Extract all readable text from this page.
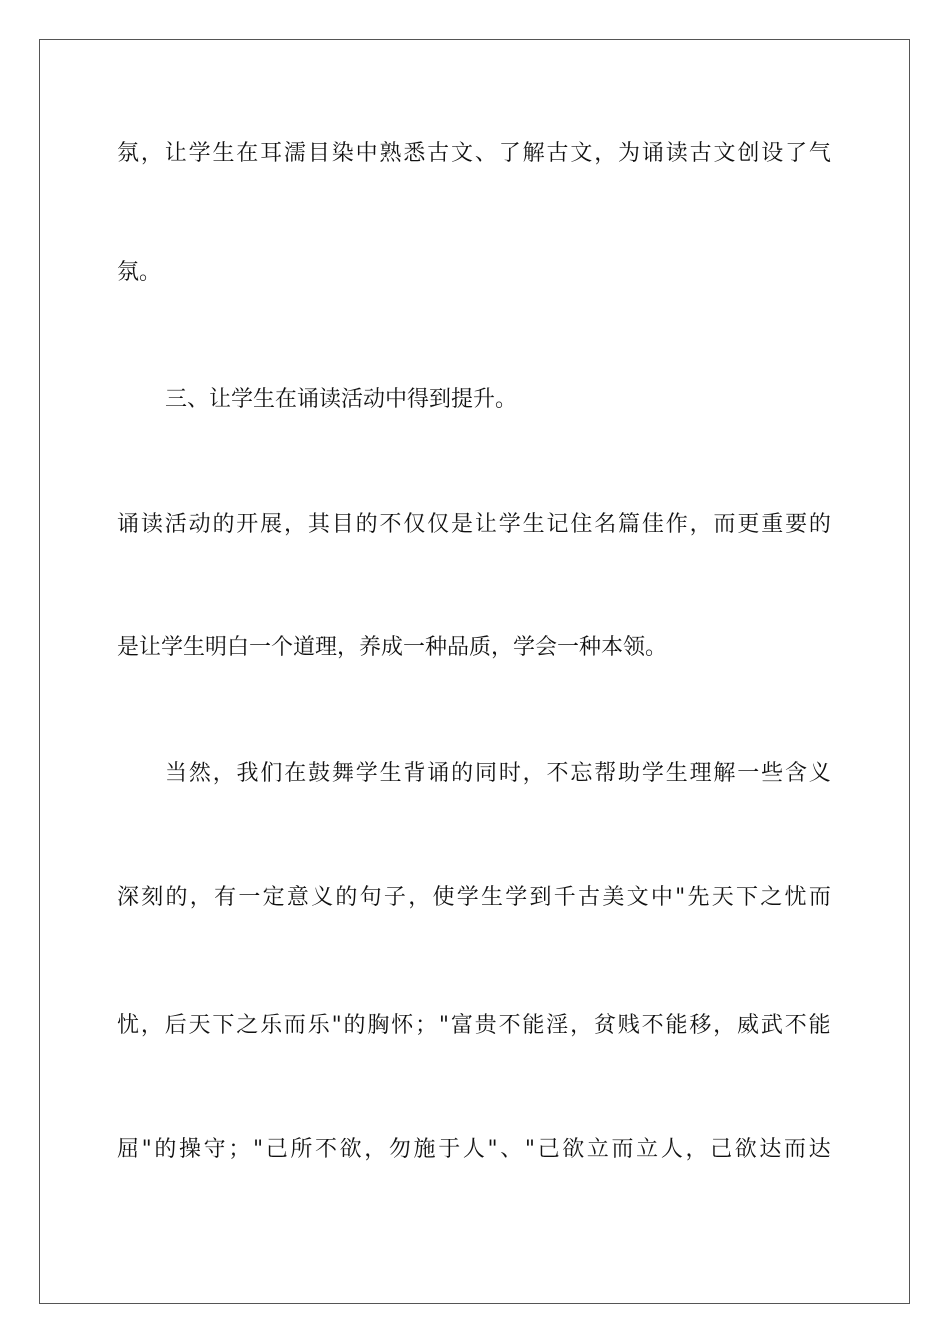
氛 ， 让 学 生 在 耳 濡 目 染 中 熟 悉 古 文 、 了 解 古 文 ， 为 诵 读 古 文 创 设 了 气
氛。
三、让学生在诵读活动中得到提升。
诵 读 活 动 的 开 展 ， 其 目 的 不 仅 仅 是 让 学 生 记 住 名 篇 佳 作 ， 而 更 重 要 的
是让学生明白一个道理，养成一种品质，学会一种本领。
当 然 ， 我 们 在 鼓 舞 学 生 背 诵 的 同 时 ， 不 忘 帮 助 学 生 理 解 一 些 含 义
深 刻 的 ， 有 一 定 意 义 的 句 子 ， 使 学 生 学 到 千 古 美 文 中 " 先 天 下 之 忧 而
忧 ， 后 天 下 之 乐 而 乐 " 的 胸 怀 ； " 富 贵 不 能 淫 ， 贫 贱 不 能 移 ， 威 武 不 能
屈 " 的 操 守 ； " 己 所 不 欲 ， 勿 施 于 人 " 、 " 己 欲 立 而 立 人 ， 己 欲 达 而 达
